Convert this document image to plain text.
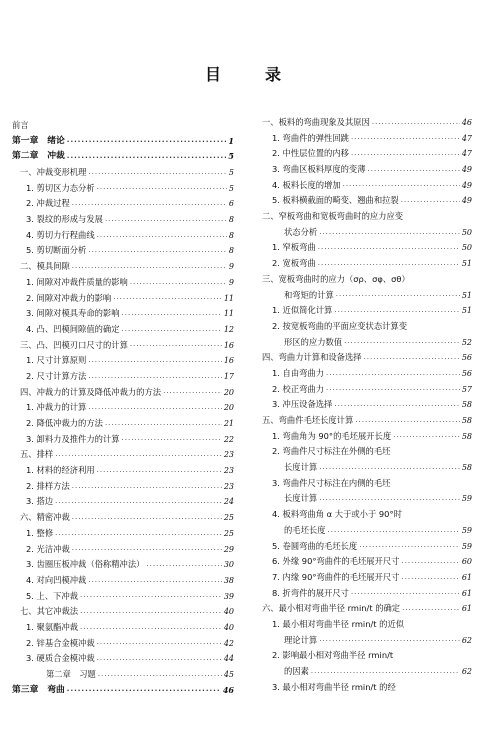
目　录
前言
第一章　绪论 ·····	1
第二章　冲裁 ·····	5
一、冲裁变形机理 ·····	5
1. 剪切区力态分析 ·····	5
2. 冲裁过程 ·····	6
3. 裂纹的形成与发展 ·····	8
4. 剪切力行程曲线 ·····	8
5. 剪切断面分析 ·····	8
二、模具间隙 ·····	9
1. 间隙对冲裁件质量的影响 ·····	9
2. 间隙对冲裁力的影响 ·····	11
3. 间隙对模具寿命的影响 ·····	11
4. 凸、凹模间隙值的确定 ·····	12
三、凸、凹模刃口尺寸的计算 ·····	16
1. 尺寸计算原则 ·····	16
2. 尺寸计算方法 ·····	17
四、冲裁力的计算及降低冲裁力的方法 ·····	20
1. 冲裁力的计算 ·····	20
2. 降低冲裁力的方法 ·····	21
3. 卸料力及推件力的计算 ·····	22
五、排样 ·····	23
1. 材料的经济利用 ·····	23
2. 排样方法 ·····	23
3. 搭边 ·····	24
六、精密冲裁 ·····	25
1. 整修 ·····	25
2. 光洁冲裁 ·····	29
3. 齿圈压板冲裁（俗称精冲法） ·····	30
4. 对向凹模冲裁 ·····	38
5. 上、下冲裁 ·····	39
七、其它冲裁法 ·····	40
1. 聚氨酯冲裁 ·····	40
2. 锌基合金模冲裁 ·····	42
3. 硬质合金模冲裁 ·····	44
第二章　习题 ·····	45
第三章　弯曲 ·····	46
一、板料的弯曲现象及其原因 ·····	46
1. 弯曲件的弹性回跳 ·····	47
2. 中性层位置的内移 ·····	47
3. 弯曲区板料厚度的变薄 ·····	49
4. 板料长度的增加 ·····	49
5. 板料横截面的畸变、翘曲和拉裂 ·····	49
二、窄板弯曲和宽板弯曲时的应力应变
状态分析 ·····	50
1. 窄板弯曲 ·····	50
2. 宽板弯曲 ·····	51
三、宽板弯曲时的应力（σρ、σφ、σθ）
和弯矩的计算 ·····	51
1. 近似简化计算 ·····	51
2. 按宽板弯曲的平面应变状态计算变
形区的应力数值 ·····	52
四、弯曲力计算和设备选择 ·····	56
1. 自由弯曲力 ·····	56
2. 校正弯曲力 ·····	57
3. 冲压设备选择 ·····	58
五、弯曲件毛坯长度计算 ·····	58
1. 弯曲角为 90°的毛坯展开长度 ·····	58
2. 弯曲件尺寸标注在外侧的毛坯
长度计算 ·····	58
3. 弯曲件尺寸标注在内侧的毛坯
长度计算 ·····	59
4. 板料弯曲角 α 大于或小于 90°时
的毛坯长度 ·····	59
5. 卷圆弯曲的毛坯长度 ·····	59
6. 外缘 90°弯曲件的毛坯展开尺寸 ·····	60
7. 内缘 90°弯曲件的毛坯展开尺寸 ·····	61
8. 折弯件的展开尺寸 ·····	61
六、最小相对弯曲半径 rmin/t 的确定 ·····	61
1. 最小相对弯曲半径 rmin/t 的近似
理论计算 ·····	62
2. 影响最小相对弯曲半径 rmin/t
的因素 ·····	62
3. 最小相对弯曲半径 rmin/t 的经
